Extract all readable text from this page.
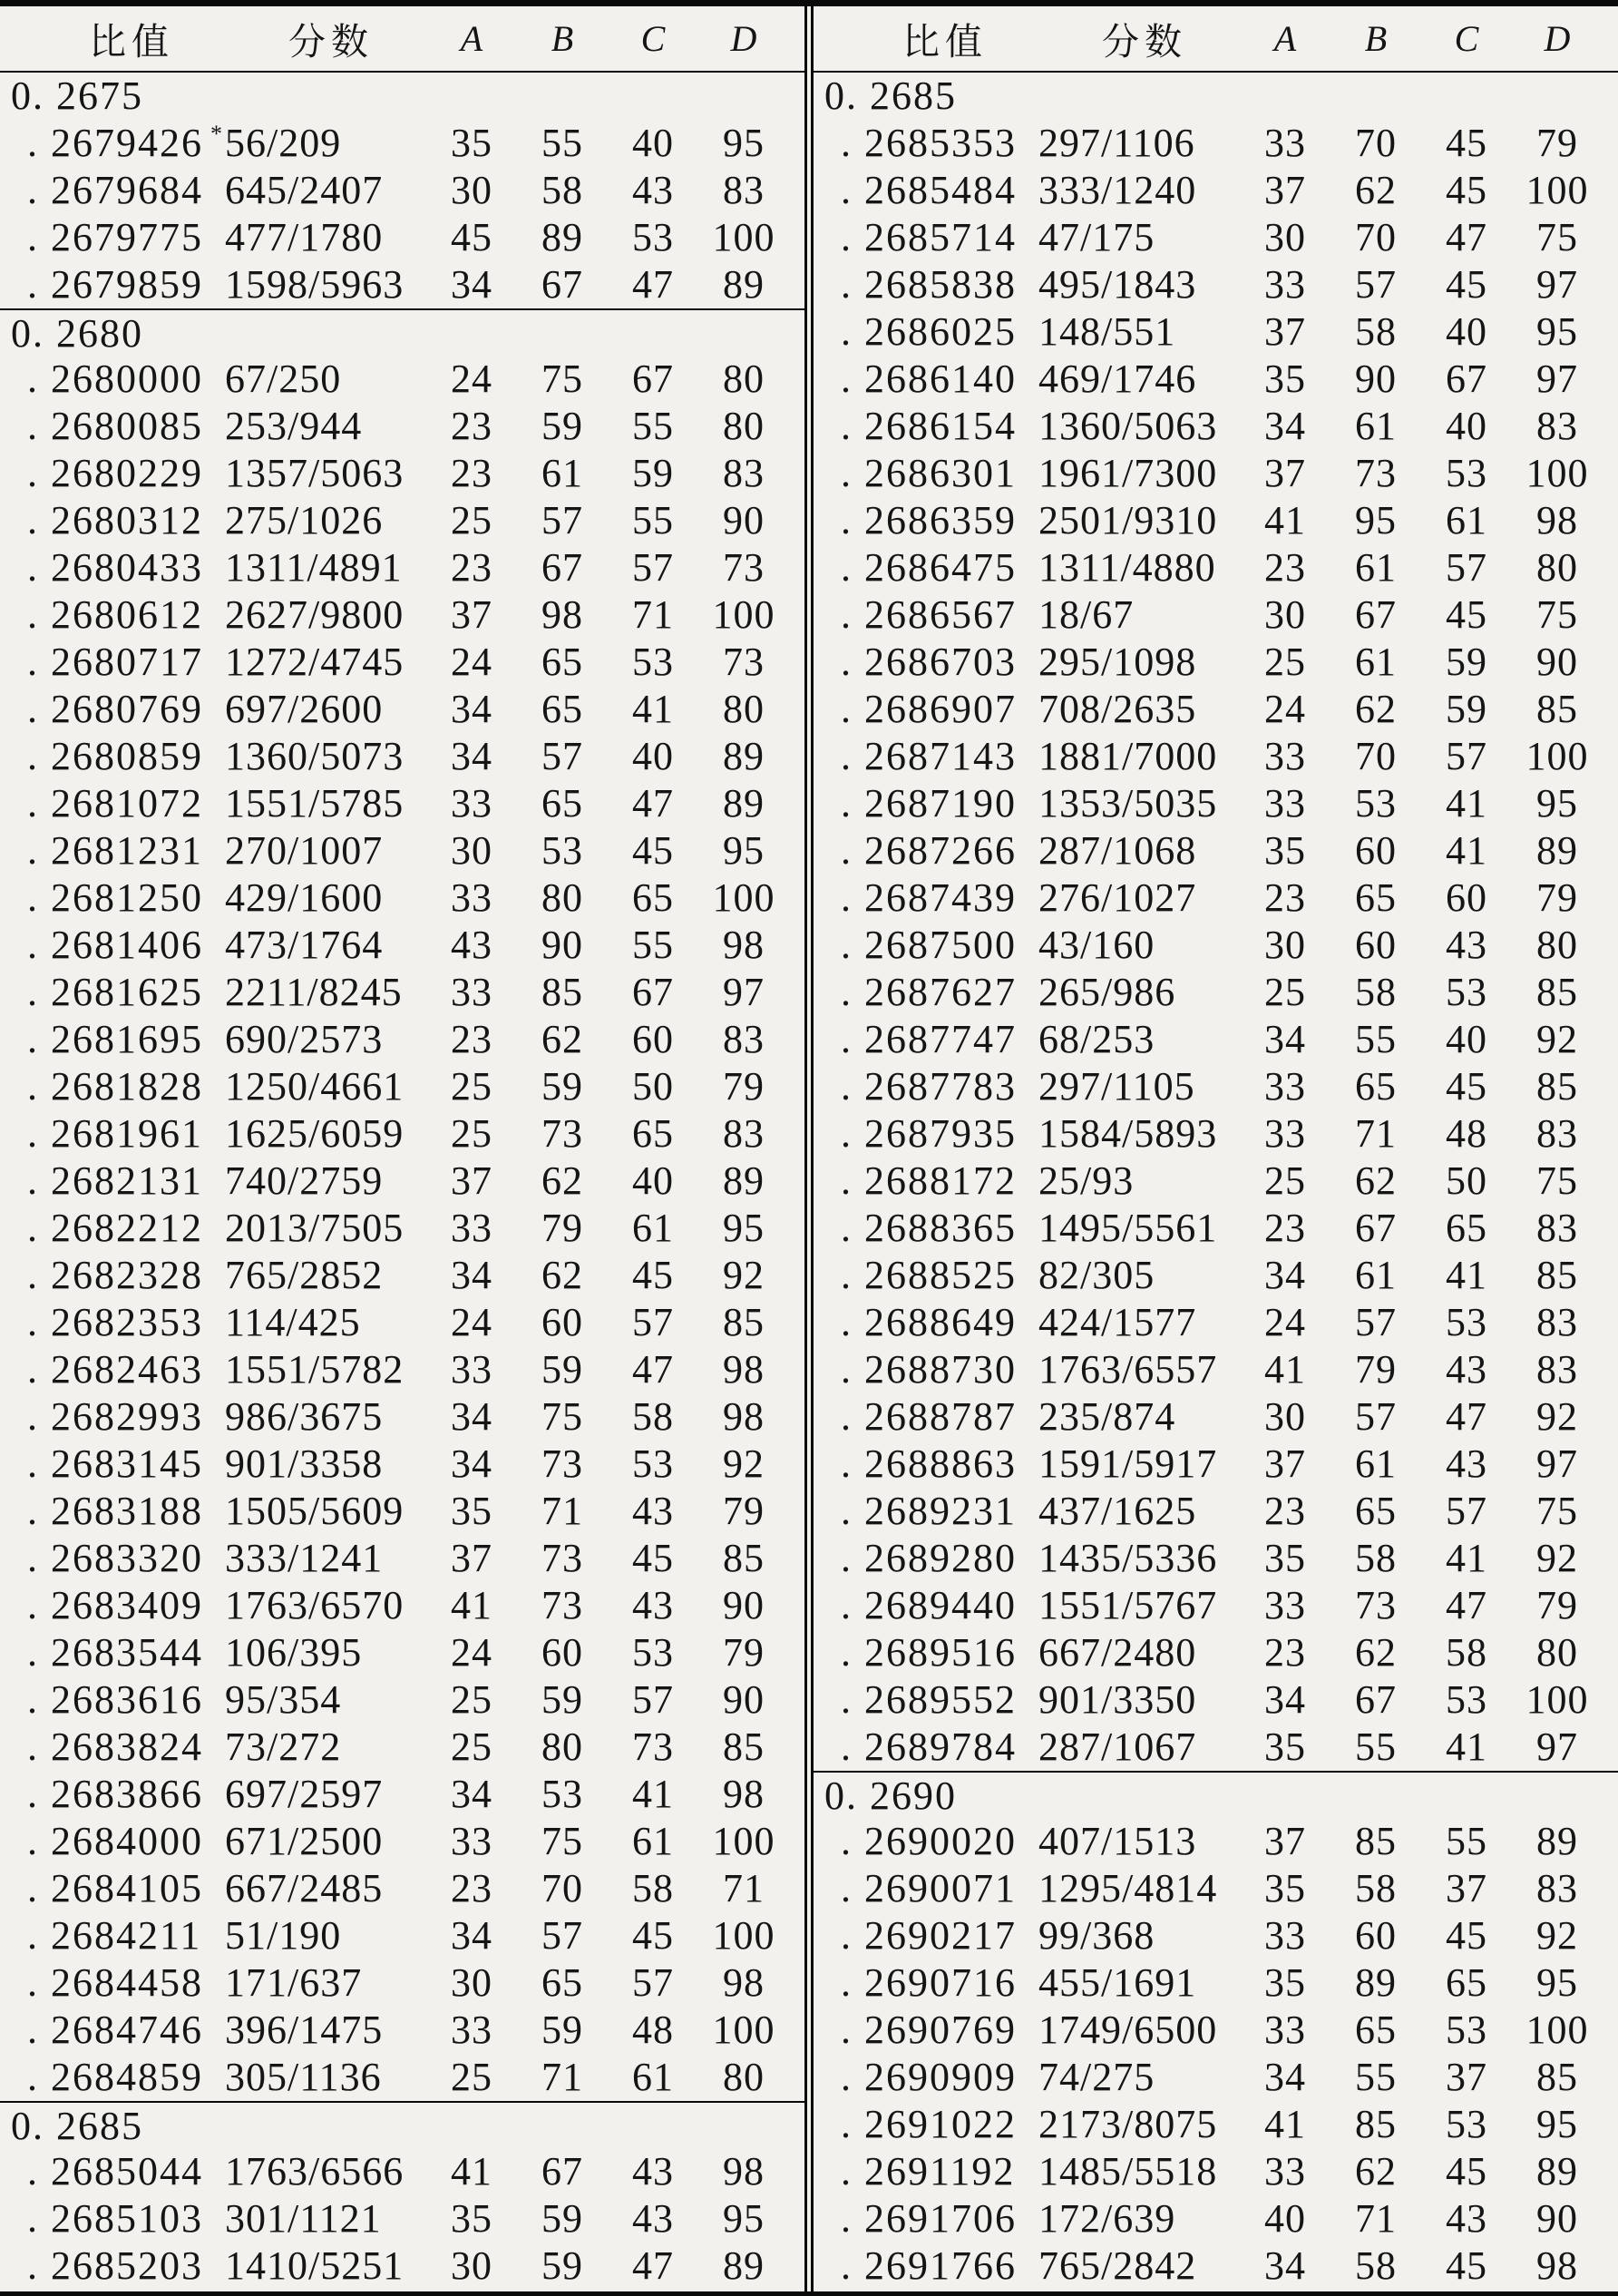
比值	分数	A	B	C	D
0. 2675
. 2679426 * 56/209	35	55	40	95
. 2679684 645/2407	30	58	43	83
. 2679775 477/1780	45	89	53 100
. 2679859 1598/5963	34	67	47	89
0. 2680
. 2680000 67/250	24	75	67	80
. 2680085 253/944	23	59	55	80
. 2680229 1357/5063	23	61	59	83
. 2680312 275/1026	25	57	55	90
. 2680433 1311/4891	23	67	57	73
. 2680612 2627/9800	37	98	71 100
. 2680717 1272/4745	24	65	53	73
. 2680769 697/2600	34	65	41	80
. 2680859 1360/5073	34	57	40	89
. 2681072 1551/5785	33	65	47	89
. 2681231 270/1007	30	53	45	95
. 2681250 429/1600	33	80	65 100
. 2681406 473/1764	43	90	55	98
. 2681625 2211/8245	33	85	67	97
. 2681695 690/2573	23	62	60	83
. 2681828 1250/4661	25	59	50	79
. 2681961 1625/6059	25	73	65	83
. 2682131 740/2759	37	62	40	89
. 2682212 2013/7505	33	79	61	95
. 2682328 765/2852	34	62	45	92
. 2682353 114/425	24	60	57	85
. 2682463 1551/5782	33	59	47	98
. 2682993 986/3675	34	75	58	98
. 2683145 901/3358	34	73	53	92
. 2683188 1505/5609	35	71	43	79
. 2683320 333/1241	37	73	45	85
. 2683409 1763/6570	41	73	43	90
. 2683544 106/395	24	60	53	79
. 2683616 95/354	25	59	57	90
. 2683824 73/272	25	80	73	85
. 2683866 697/2597	34	53	41	98
. 2684000 671/2500	33	75	61 100
. 2684105 667/2485	23	70	58	71
. 2684211 51/190	34	57	45 100
. 2684458 171/637	30	65	57	98
. 2684746 396/1475	33	59	48 100
. 2684859 305/1136	25	71	61	80
0. 2685
. 2685044 1763/6566	41	67	43	98
. 2685103 301/1121	35	59	43	95
. 2685203 1410/5251	30	59	47	89
比值	分数	A	B	C	D
0. 2685
. 2685353 297/1106	33	70	45	79
. 2685484 333/1240	37	62	45 100
. 2685714 47/175	30	70	47	75
. 2685838 495/1843	33	57	45	97
. 2686025 148/551	37	58	40	95
. 2686140 469/1746	35	90	67	97
. 2686154 1360/5063	34	61	40	83
. 2686301 1961/7300	37	73	53 100
. 2686359 2501/9310	41	95	61	98
. 2686475 1311/4880	23	61	57	80
. 2686567 18/67	30	67	45	75
. 2686703 295/1098	25	61	59	90
. 2686907 708/2635	24	62	59	85
. 2687143 1881/7000	33	70	57 100
. 2687190 1353/5035	33	53	41	95
. 2687266 287/1068	35	60	41	89
. 2687439 276/1027	23	65	60	79
. 2687500 43/160	30	60	43	80
. 2687627 265/986	25	58	53	85
. 2687747 68/253	34	55	40	92
. 2687783 297/1105	33	65	45	85
. 2687935 1584/5893	33	71	48	83
. 2688172 25/93	25	62	50	75
. 2688365 1495/5561	23	67	65	83
. 2688525 82/305	34	61	41	85
. 2688649 424/1577	24	57	53	83
. 2688730 1763/6557	41	79	43	83
. 2688787 235/874	30	57	47	92
. 2688863 1591/5917	37	61	43	97
. 2689231 437/1625	23	65	57	75
. 2689280 1435/5336	35	58	41	92
. 2689440 1551/5767	33	73	47	79
. 2689516 667/2480	23	62	58	80
. 2689552 901/3350	34	67	53 100
. 2689784 287/1067	35	55	41	97
0. 2690
. 2690020 407/1513	37	85	55	89
. 2690071 1295/4814	35	58	37	83
. 2690217 99/368	33	60	45	92
. 2690716 455/1691	35	89	65	95
. 2690769 1749/6500	33	65	53 100
. 2690909 74/275	34	55	37	85
. 2691022 2173/8075	41	85	53	95
. 2691192 1485/5518	33	62	45	89
. 2691706 172/639	40	71	43	90
. 2691766 765/2842	34	58	45	98
